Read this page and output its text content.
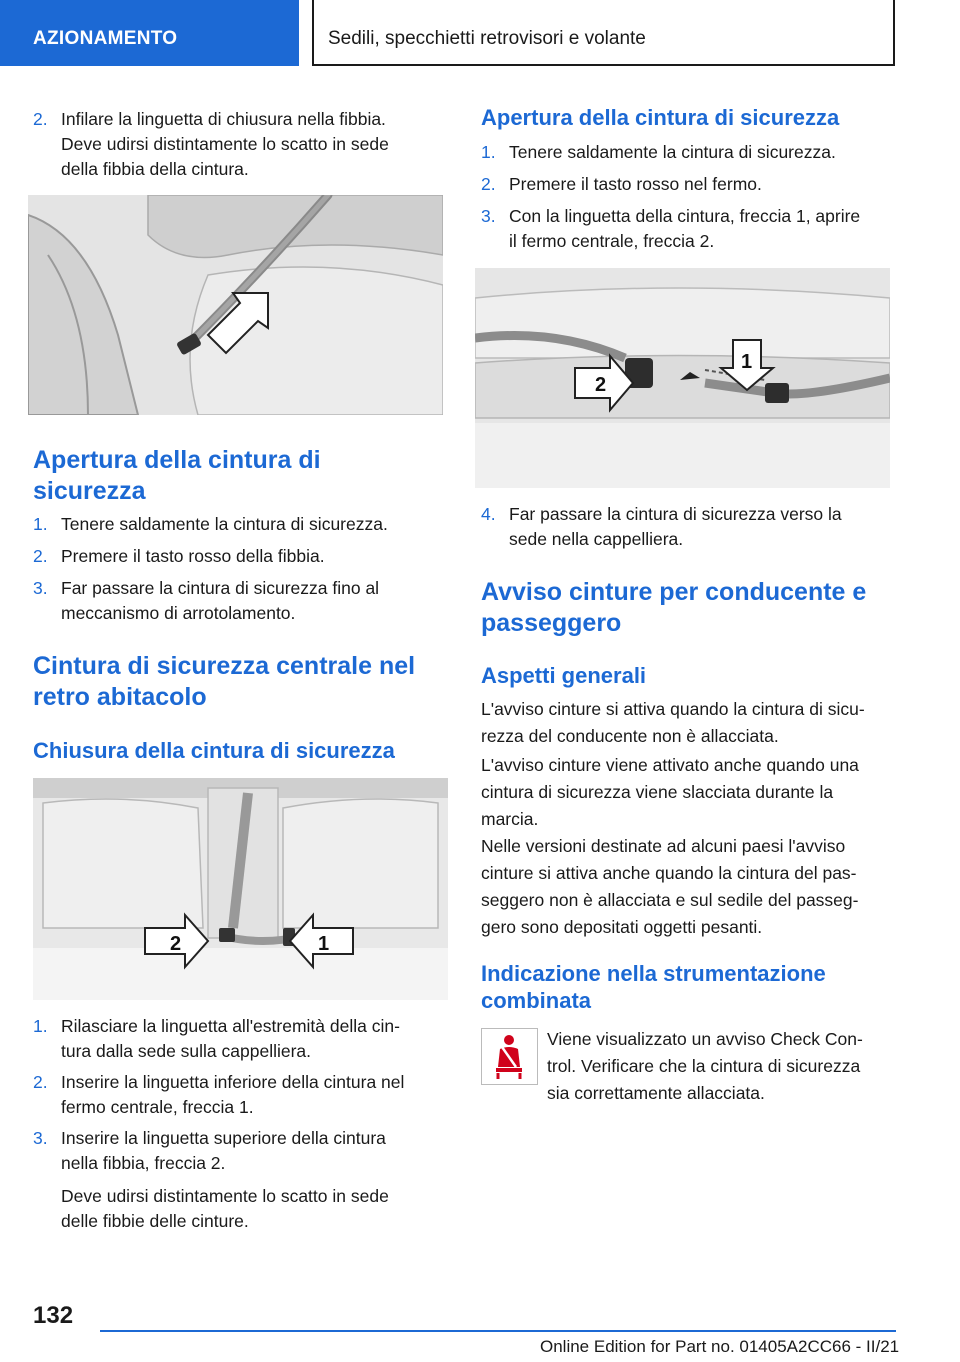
AZIONAMENTO	Sedili, specchietti retrovisori e volante
2. Infilare la linguetta di chiusura nella fibbia.
Deve udirsi distintamente lo scatto in sede
della fibbia della cintura.
Apertura della cintura di
sicurezza
1. Tenere saldamente la cintura di sicurezza.
2. Premere il tasto rosso della fibbia.
3. Far passare la cintura di sicurezza fino al
meccanismo di arrotolamento.
Cintura di sicurezza centrale nel
retro abitacolo
Chiusura della cintura di sicurezza
2	1
1. Rilasciare la linguetta all'estremità della cin-
tura dalla sede sulla cappelliera.
2. Inserire la linguetta inferiore della cintura nel
fermo centrale, freccia 1.
3. Inserire la linguetta superiore della cintura
nella fibbia, freccia 2.
Deve udirsi distintamente lo scatto in sede
delle fibbie delle cinture.
Apertura della cintura di sicurezza
1. Tenere saldamente la cintura di sicurezza.
2. Premere il tasto rosso nel fermo.
3. Con la linguetta della cintura, freccia 1, aprire
il fermo centrale, freccia 2.
2
1
4. Far passare la cintura di sicurezza verso la
sede nella cappelliera.
Avviso cinture per conducente e
passeggero
Aspetti generali
L'avviso cinture si attiva quando la cintura di sicu-
rezza del conducente non è allacciata.
L'avviso cinture viene attivato anche quando una
cintura di sicurezza viene slacciata durante la
marcia.
Nelle versioni destinate ad alcuni paesi l'avviso
cinture si attiva anche quando la cintura del pas-
seggero non è allacciata e sul sedile del passeg-
gero sono depositati oggetti pesanti.
Indicazione nella strumentazione
combinata
Viene visualizzato un avviso Check Con-
trol. Verificare che la cintura di sicurezza
sia correttamente allacciata.
132
Online Edition for Part no. 01405A2CC66 - II/21
